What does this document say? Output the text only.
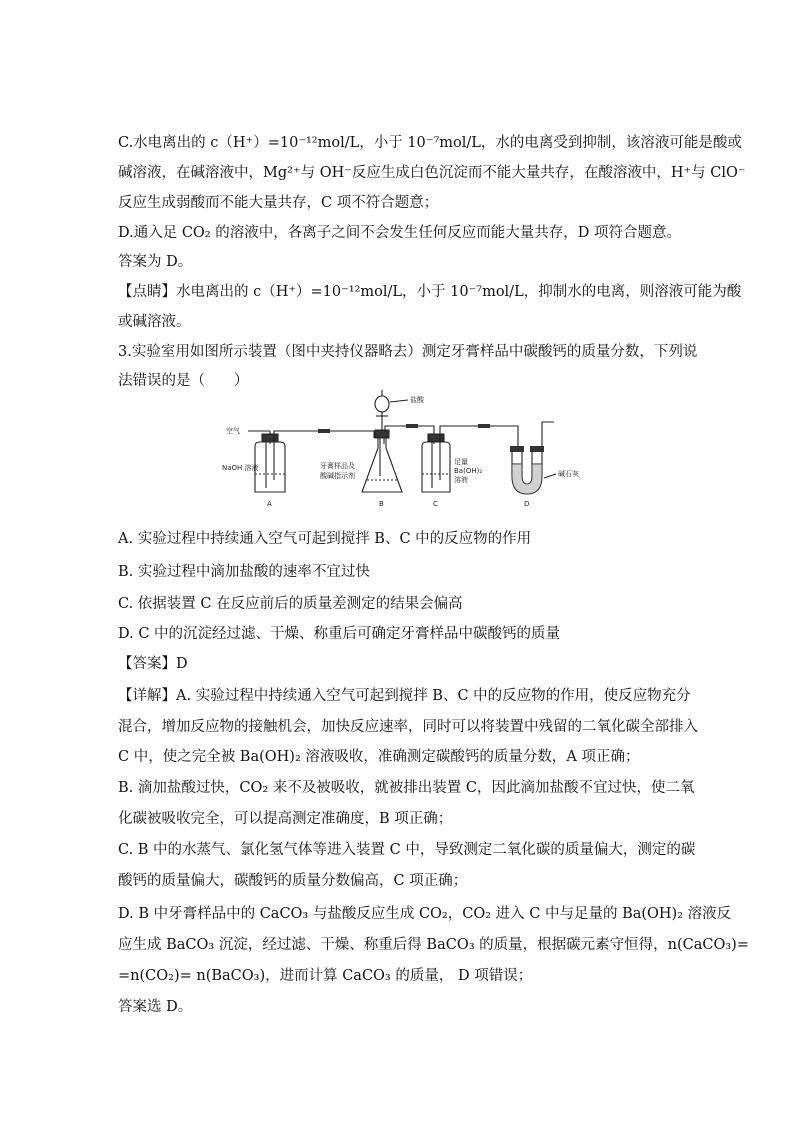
C.水电离出的 c（H⁺）=10⁻¹²mol/L，小于 10⁻⁷mol/L，水的电离受到抑制，该溶液可能是酸或
碱溶液，在碱溶液中，Mg²⁺与 OH⁻反应生成白色沉淀而不能大量共存，在酸溶液中，H⁺与 ClO⁻
反应生成弱酸而不能大量共存，C 项不符合题意；
D.通入足 CO₂ 的溶液中，各离子之间不会发生任何反应而能大量共存，D 项符合题意。
答案为 D。
【点睛】水电离出的 c（H⁺）=10⁻¹²mol/L，小于 10⁻⁷mol/L，抑制水的电离，则溶液可能为酸
或碱溶液。
3.实验室用如图所示装置（图中夹持仪器略去）测定牙膏样品中碳酸钙的质量分数，下列说
法错误的是（　　）
空气
盐酸
NaOH 溶液	牙膏样品及
酸碱指示剂
足量
Ba(OH)₂
溶液
碱石灰
A	B	C	D
A. 实验过程中持续通入空气可起到搅拌 B、C 中的反应物的作用
B. 实验过程中滴加盐酸的速率不宜过快
C. 依据装置 C 在反应前后的质量差测定的结果会偏高
D. C 中的沉淀经过滤、干燥、称重后可确定牙膏样品中碳酸钙的质量
【答案】D
【详解】A. 实验过程中持续通入空气可起到搅拌 B、C 中的反应物的作用，使反应物充分
混合，增加反应物的接触机会，加快反应速率，同时可以将装置中残留的二氧化碳全部排入
C 中，使之完全被 Ba(OH)₂ 溶液吸收，准确测定碳酸钙的质量分数，A 项正确；
B. 滴加盐酸过快，CO₂ 来不及被吸收，就被排出装置 C，因此滴加盐酸不宜过快，使二氧
化碳被吸收完全，可以提高测定准确度，B 项正确；
C. B 中的水蒸气、氯化氢气体等进入装置 C 中，导致测定二氧化碳的质量偏大，测定的碳
酸钙的质量偏大，碳酸钙的质量分数偏高，C 项正确；
D. B 中牙膏样品中的 CaCO₃ 与盐酸反应生成 CO₂，CO₂ 进入 C 中与足量的 Ba(OH)₂ 溶液反
应生成 BaCO₃ 沉淀，经过滤、干燥、称重后得 BaCO₃ 的质量，根据碳元素守恒得，n(CaCO₃)=
=n(CO₂)= n(BaCO₃)，进而计算 CaCO₃ 的质量， D 项错误；
答案选 D。
